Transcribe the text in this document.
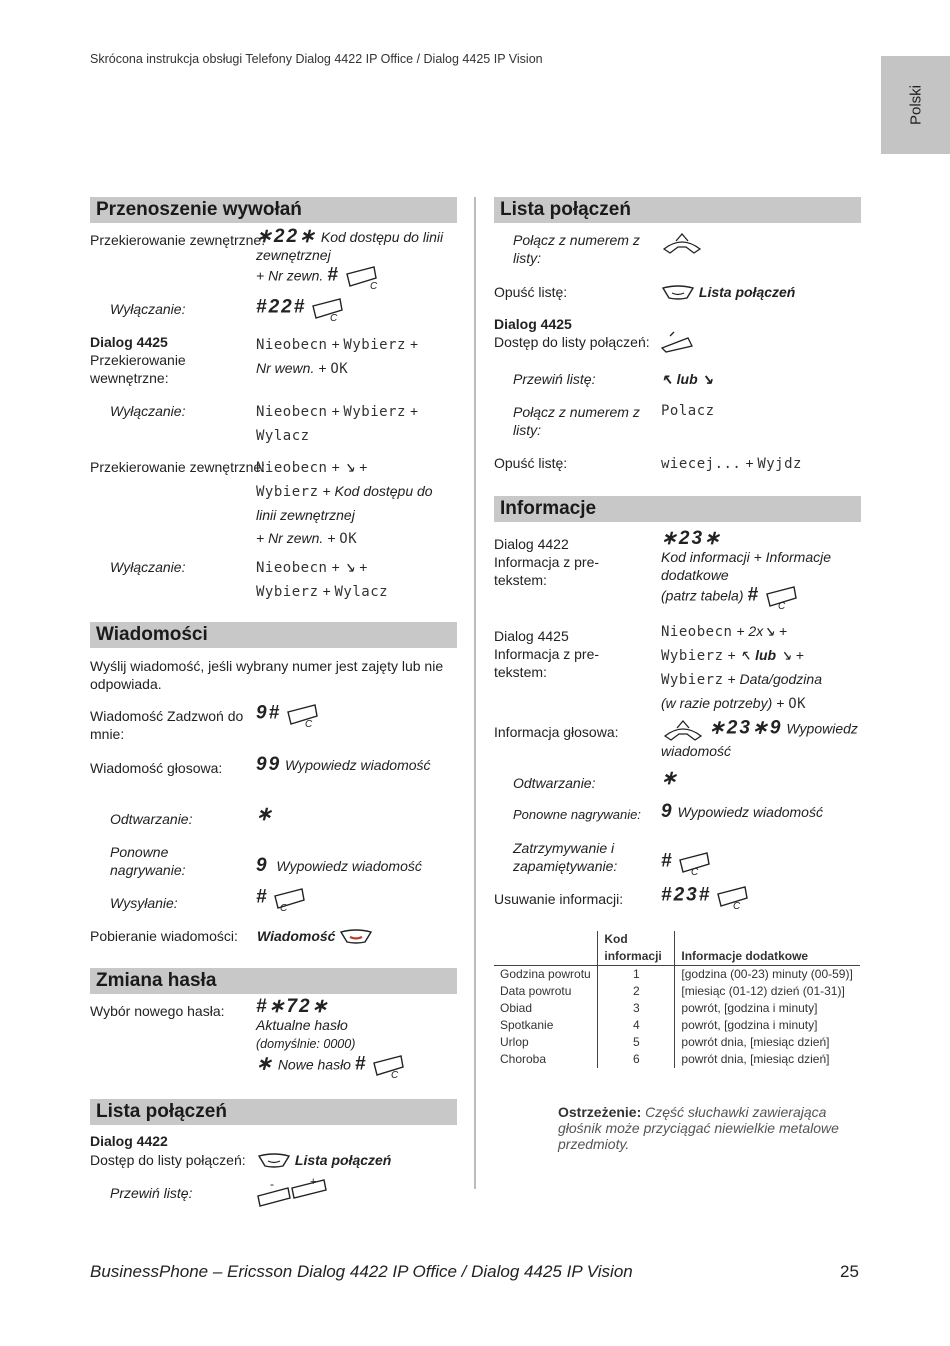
Skrócona instrukcja obsługi Telefony Dialog 4422 IP Office / Dialog 4425 IP Vision
Polski
Przenoszenie wywołań
Przekierowanie zewnętrzne:
∗22∗ Kod dostępu do linii zewnętrznej
+ Nr zewn. #
C
Wyłączanie:	#22#
C
Dialog 4425
Przekierowanie wewnętrzne:
Nieobecn + Wybierz +
Nr wewn. + OK
Wyłączanie:	Nieobecn + Wybierz +
Wylacz
Przekierowanie zewnętrzne:
Nieobecn + ↘ +
Wybierz + Kod dostępu do linii zewnętrznej
+ Nr zewn. + OK
Wyłączanie:	Nieobecn + ↘ +
Wybierz + Wylacz
Wiadomości
Wyślij wiadomość, jeśli wybrany numer jest zajęty lub nie odpowiada.
Wiadomość Zadzwoń do mnie:
9#
C
Wiadomość głosowa: 99 Wypowiedz wiadomość
Odtwarzanie:	∗
Ponowne nagrywanie:	9 Wypowiedz wiadomość
Wysyłanie:	#
C
Pobieranie wiadomości: Wiadomość
Zmiana hasła
Wybór nowego hasła: #∗72∗
Aktualne hasło
(domyślnie: 0000)
∗ Nowe hasło #
C
Lista połączeń
Dialog 4422
Dostęp do listy połączeń:	Lista połączeń
Przewiń listę:
-	+
Lista połączeń
Połącz z numerem z listy:
Opuść listę:	Lista połączeń
Dialog 4425
Dostęp do listy połączeń:
Przewiń listę:	↖ lub ↘
Połącz z numerem z listy:
Polacz
Opuść listę:	wiecej... + Wyjdz
Informacje
Dialog 4422 Informacja z pre-tekstem:
∗23∗
Kod informacji + Informacje dodatkowe
(patrz tabela) #
C
Dialog 4425 Informacja z pre-tekstem:
Nieobecn + 2x↘ +
Wybierz + ↖ lub ↘ +
Wybierz + Data/godzina
(w razie potrzeby) + OK
Informacja głosowa:	∗23∗9 Wypowiedz wiadomość
Odtwarzanie:	∗
Ponowne nagrywanie: 9 Wypowiedz wiadomość
Zatrzymywanie i zapamiętywanie:	#
C
Usuwanie informacji: #23#
C
	Kod informacji	Informacje dodatkowe
Godzina powrotu	1	[godzina (00-23) minuty (00-59)]
Data powrotu	2	[miesiąc (01-12) dzień (01-31)]
Obiad	3	powrót, [godzina i minuty]
Spotkanie	4	powrót, [godzina i minuty]
Urlop	5	powrót dnia, [miesiąc dzień]
Choroba	6	powrót dnia, [miesiąc dzień]
Ostrzeżenie: Część słuchawki zawierająca głośnik może przyciągać niewielkie metalowe przedmioty.
BusinessPhone – Ericsson Dialog 4422 IP Office / Dialog 4425 IP Vision	25
